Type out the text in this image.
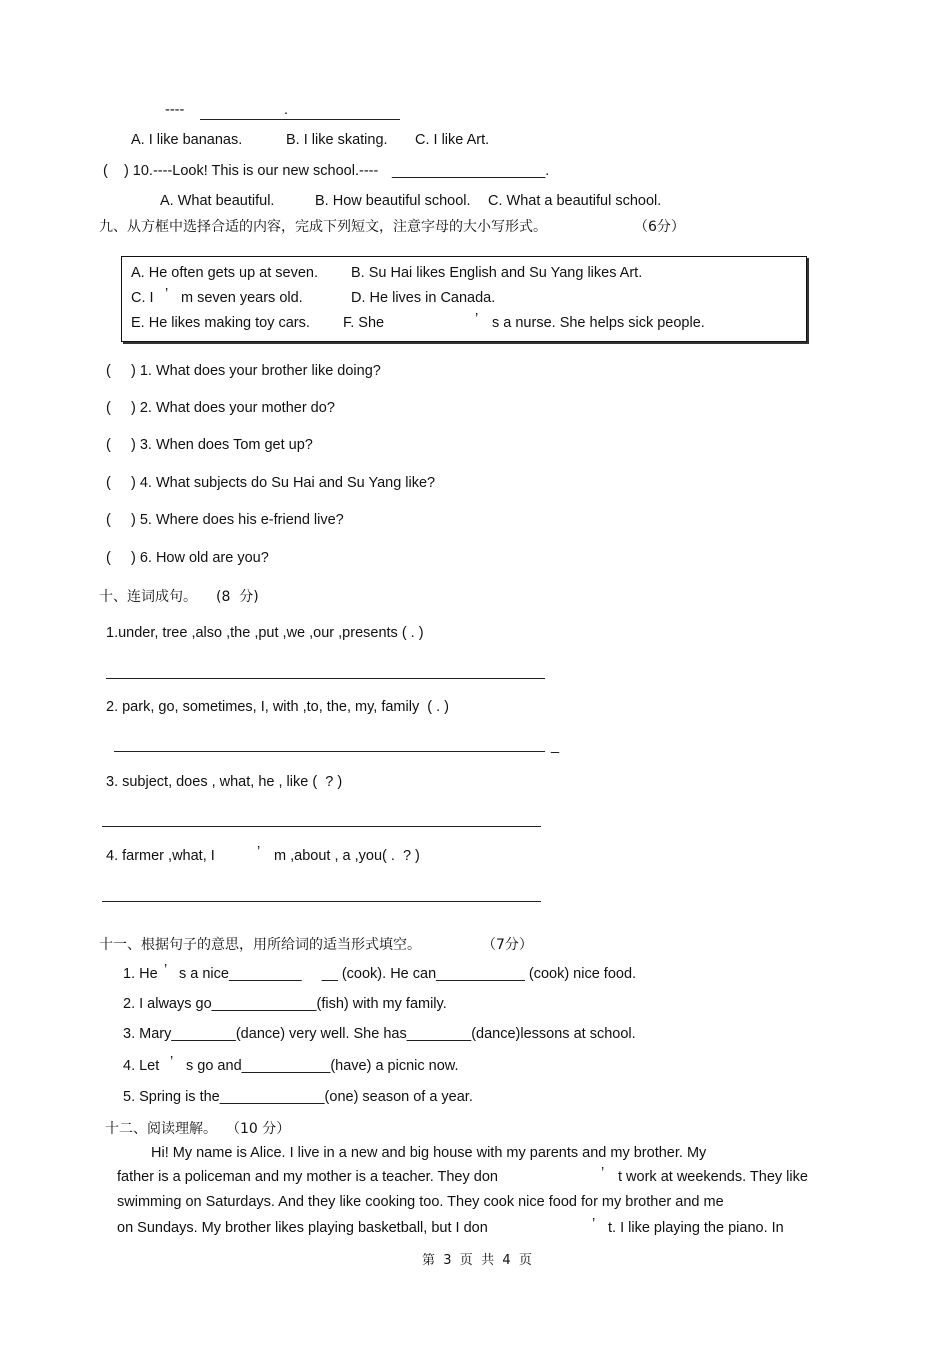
----	.
A. I like bananas.	B. I like skating. C. I like Art.
(    ) 10.----Look! This is our new school.---- ___________________.
A. What beautiful.	B. How beautiful school. C. What a beautiful school.
九、从方框中选择合适的内容，完成下列短文，注意字母的大小写形式。	（6分）
A. He often gets up at seven. B. Su Hai likes English and Su Yang likes Art.
C. I ’ m seven years old.	D. He lives in Canada.
E. He likes making toy cars. F. She	’ s a nurse. She helps sick people.
(     ) 1. What does your brother like doing?
(     ) 2. What does your mother do?
(     ) 3. When does Tom get up?
(     ) 4. What subjects do Su Hai and Su Yang like?
(     ) 5. Where does his e-friend live?
(     ) 6. How old are you?
十、连词成句。 (8  分)
1.under, tree ,also ,the ,put ,we ,our ,presents ( . )
2. park, go, sometimes, I, with ,to, the, my, family  ( . )
_
3. subject, does , what, he , like (  ? )
4. farmer ,what, I	’ m ,about , a ,you( .  ? )
十一、根据句子的意思，用所给词的适当形式填空。	（7分）
1. He ’ s a nice_________     __ (cook). He can___________ (cook) nice food.
2. I always go_____________(fish) with my family.
3. Mary________(dance) very well. She has________(dance)lessons at school.
4. Let ’ s go and___________(have) a picnic now.
5. Spring is the_____________(one) season of a year.
十二、阅读理解。 （10 分）
Hi! My name is Alice. I live in a new and big house with my parents and my brother. My
father is a policeman and my mother is a teacher. They don	’ t work at weekends. They like
swimming on Saturdays. And they like cooking too. They cook nice food for my brother and me
on Sundays. My brother likes playing basketball, but I don	’ t. I like playing the piano. In
第  3  页  共  4  页
